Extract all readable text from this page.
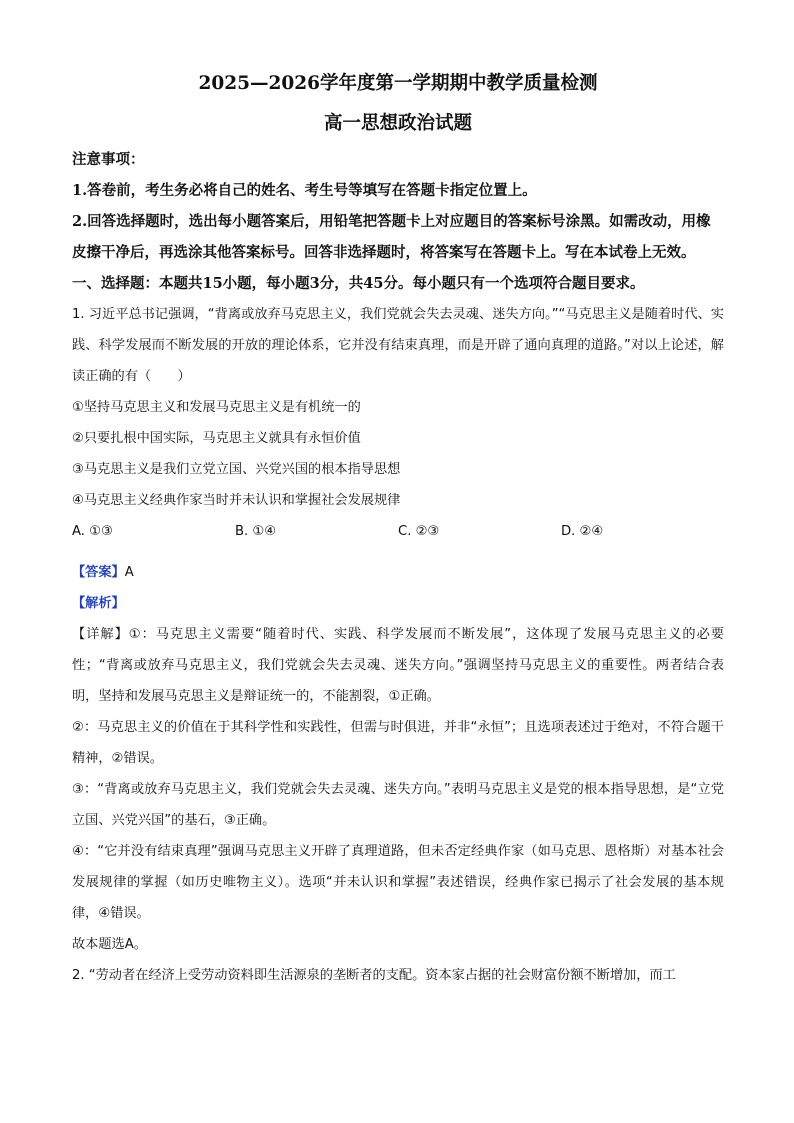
2025—2026学年度第一学期期中教学质量检测

高一思想政治试题

注意事项：

1.答卷前，考生务必将自己的姓名、考生号等填写在答题卡指定位置上。

2.回答选择题时，选出每小题答案后，用铅笔把答题卡上对应题目的答案标号涂黑。如需改动，用橡皮擦干净后，再选涂其他答案标号。回答非选择题时，将答案写在答题卡上。写在本试卷上无效。

一、选择题：本题共15小题，每小题3分，共45分。每小题只有一个选项符合题目要求。

1. 习近平总书记强调，“背离或放弃马克思主义，我们党就会失去灵魂、迷失方向。”“马克思主义是随着时代、实践、科学发展而不断发展的开放的理论体系，它并没有结束真理，而是开辟了通向真理的道路。”对以上论述，解读正确的有（　　）

①坚持马克思主义和发展马克思主义是有机统一的

②只要扎根中国实际，马克思主义就具有永恒价值

③马克思主义是我们立党立国、兴党兴国的根本指导思想

④马克思主义经典作家当时并未认识和掌握社会发展规律

A. ①③	B. ①④	C. ②③	D. ②④

【答案】A

【解析】

【详解】①：马克思主义需要“随着时代、实践、科学发展而不断发展”，这体现了发展马克思主义的必要性；“背离或放弃马克思主义，我们党就会失去灵魂、迷失方向。”强调坚持马克思主义的重要性。两者结合表明，坚持和发展马克思主义是辩证统一的，不能割裂，①正确。

②：马克思主义的价值在于其科学性和实践性，但需与时俱进，并非“永恒”；且选项表述过于绝对，不符合题干精神，②错误。

③：“背离或放弃马克思主义，我们党就会失去灵魂、迷失方向。”表明马克思主义是党的根本指导思想，是“立党立国、兴党兴国”的基石，③正确。

④：“它并没有结束真理”强调马克思主义开辟了真理道路，但未否定经典作家（如马克思、恩格斯）对基本社会发展规律的掌握（如历史唯物主义）。选项“并未认识和掌握”表述错误，经典作家已揭示了社会发展的基本规律，④错误。

故本题选A。

2. “劳动者在经济上受劳动资料即生活源泉的垄断者的支配。资本家占据的社会财富份额不断增加，而工
